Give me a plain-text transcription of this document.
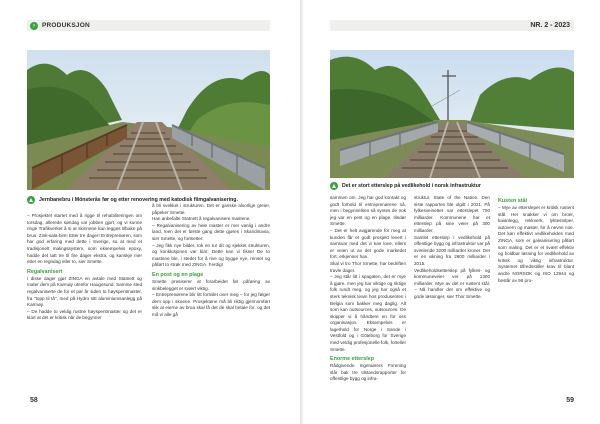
›	PRODUKSJON
Jernbanebru i Mönsterås før og etter renovering med katodisk filmgalvanisering.

– Prosjektet startet med å rigge til rehabiliteringen om torsdag, allerede søndag var jobben gjort, og vi kunne ringe Trafikverket å si at skinnene kan legges tilbake på brua. Zink-sala-bim! Etter tre dager! Entreprenøren, som har god erfaring med dette i Sverige, sa at med et tradisjonelt malingssystem, som eksempelvis epoxy, hadde det tatt tre til fire dager ekstra, og kanskje mer etter en regndag eller to, sier Smette.

Regalvanisert

I disse dager gjør ZINGA en avtale med Statnett og mater dem på Karmøy utenfor Haugesund. Samme sted regalvaniserte de for et par år siden to høyspentmaster, fra "topp til tå", med på Hydro sitt aluminiumsanlegg på Karmøy.

– De hadde to veldig rustne høyspentmaster og det er klart at det er kritisk når de begynner

å bli svekket i strukturen. Det er ganske alvorlige greier, påpeker Smette.

Han anbefalte Statnett å regalvanisere mastene.

– Regalvanisering av hele master er mer vanlig i andre land, men det er første gang dette gjøres i Skandinavia, sier Smette, og fortsetter:

– Jeg fikk nye bilder, tok en tur dit og sjekket strukturen, og konklusjonen var klar: Dette kan vi fikse! De to mastene ble, i stedet for å rive og bygge nye, renset og påført to strøk med ZINGA. Ferdig!

En post og en plage

Smette presiserer at forarbeidet før påføring av sinkbelegget er svært viktig.

– Entreprenørene blir litt fortvilet over meg – for jeg følger dem opp i skoene. Prosjektene må bli riktig gjennomført slik at eierne av brua skal få det de skal betale for, og det må vi alle gå

58
NR. 2 - 2023
Det er stort etterslep på vedlikehold i norsk infrastruktur

sammen om. Jeg har god kontakt og godt forhold til entreprenørene nå, men i begynnelsen så syntes de nok jeg var en pest og en plage, tilsdør Smette.

– Det er helt avgjørende for meg at kunden får et godt prosjekt levert i samsvar med det vi kan love, ellers er veien ut av det gode markedet fort, erkjenner han.

Skal vi tro Thor Smette, har bedriften travle dager.

– Jeg står litt i spagaten, det er mye å gjøre, men jeg har viktige og riktige folk rundt meg, og jeg har også et sterk teknisk team hos produsenten i Belgia som bakker meg daglig. Alt som kan outsources, outsources. De skipper vi å håndtere en for oss organisasjon. Eksempelvis er lagerhold for Norge i Sande i Vestfold og i Göteborg for Sverige med veldig profesjonelle folk, forteller Smette.

Enorme etterslep

Rådgivende Ingeniørers Forening slår bak tre tilstandsrapporter for offentlige bygg og infra-

struktur, State of the Nation. Den siste rapporten ble utgitt i 2021. På fylkesveinettet var etterslepet 700 milliarder. Kommunene har et etterslep på sine veier på 300 milliarder.

Samlet etterslep i vedlikehold på offentlige bygg og infrastruktur var på svimlende 3200 milliarder kroner. Det er en økning fra 2600 milliarder i 2015.

Vedlikeholdsetterslep på fylkes- og kommuneveier ver på 1300 milliarder. Mye av det er rustent stål. – Nå handler det om effektive og gode løsninger, sier Thor Smette.

Kusten stål

– Mye av etterslepet er kritisk rustent stål. Her snakker vi om broer, kaianlegg, rekkverk, lyktestolper, autovern og master, for å nevne noe. Det kan effektivt vedlikeholdes med ZINGA, som er galvanisering påført som maling. Det er et svært effektiv og holdbar løsning for vedlikehold av kritisk og viktig infrastruktur. Systemet tilfredsstiller krav til blant andre NORSOK og ISO 12944 og består av 96 pro-

59
